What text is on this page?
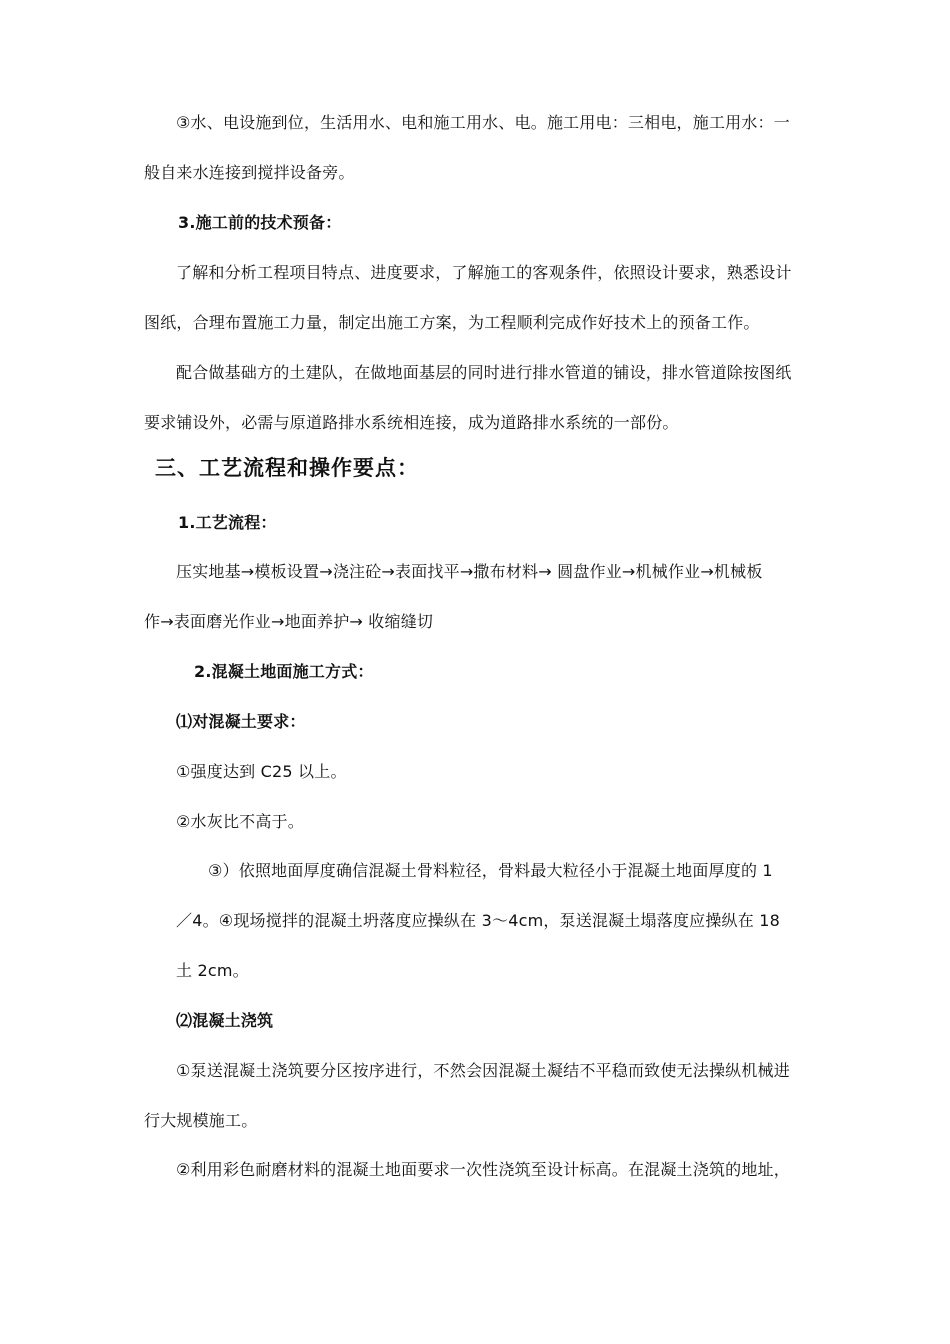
③水、电设施到位，生活用水、电和施工用水、电。施工用电：三相电，施工用水：一
般自来水连接到搅拌设备旁。
3.施工前的技术预备：
了解和分析工程项目特点、进度要求，了解施工的客观条件，依照设计要求，熟悉设计
图纸，合理布置施工力量，制定出施工方案，为工程顺利完成作好技术上的预备工作。
配合做基础方的土建队，在做地面基层的同时进行排水管道的铺设，排水管道除按图纸
要求铺设外，必需与原道路排水系统相连接，成为道路排水系统的一部份。
三、工艺流程和操作要点：
1.工艺流程：
压实地基→模板设置→浇注砼→表面找平→撒布材料→ 圆盘作业→机械作业→机械板
作→表面磨光作业→地面养护→ 收缩缝切
2.混凝土地面施工方式：
⑴对混凝土要求：
①强度达到 C25 以上。
②水灰比不高于。
③）依照地面厚度确信混凝土骨料粒径，骨料最大粒径小于混凝土地面厚度的 1
／4。④现场搅拌的混凝土坍落度应操纵在 3～4cm，泵送混凝土塌落度应操纵在 18
土 2cm。
⑵混凝土浇筑
①泵送混凝土浇筑要分区按序进行，不然会因混凝土凝结不平稳而致使无法操纵机械进
行大规模施工。
②利用彩色耐磨材料的混凝土地面要求一次性浇筑至设计标高。在混凝土浇筑的地址，
